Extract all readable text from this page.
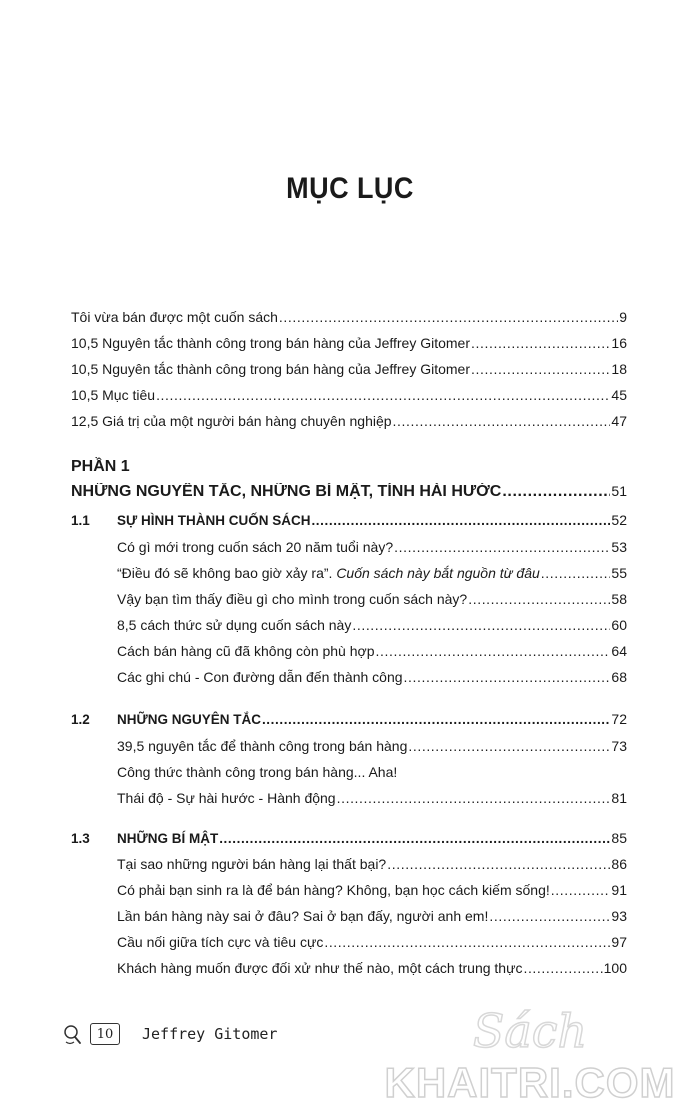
MỤC LỤC
Tôi vừa bán được một cuốn sách .....	9
10,5 Nguyên tắc thành công trong bán hàng của Jeffrey Gitomer .....	16
10,5 Nguyên tắc thành công trong bán hàng của Jeffrey Gitomer .....	18
10,5 Mục tiêu .....	45
12,5 Giá trị của một người bán hàng chuyên nghiệp .....	47
PHẦN 1
NHỮNG NGUYÊN TẮC, NHỮNG BÍ MẬT, TÍNH HÀI HƯỚC .....	51
1.1 SỰ HÌNH THÀNH CUỐN SÁCH .....	52
Có gì mới trong cuốn sách 20 năm tuổi này? .....	53
“Điều đó sẽ không bao giờ xảy ra”. Cuốn sách này bắt nguồn từ đâu .....	55
Vậy bạn tìm thấy điều gì cho mình trong cuốn sách này? .....	58
8,5 cách thức sử dụng cuốn sách này .....	60
Cách bán hàng cũ đã không còn phù hợp .....	64
Các ghi chú - Con đường dẫn đến thành công .....	68
1.2 NHỮNG NGUYÊN TẮC .....	72
39,5 nguyên tắc để thành công trong bán hàng .....	73
Công thức thành công trong bán hàng... Aha!
Thái độ - Sự hài hước - Hành động .....	81
1.3 NHỮNG BÍ MẬT .....	85
Tại sao những người bán hàng lại thất bại? .....	86
Có phải bạn sinh ra là để bán hàng? Không, bạn học cách kiếm sống! .....	91
Lần bán hàng này sai ở đâu? Sai ở bạn đấy, người anh em! .....	93
Cầu nối giữa tích cực và tiêu cực .....	97
Khách hàng muốn được đối xử như thế nào, một cách trung thực .....	100
10	Jeffrey Gitomer	Sách
KHAITRI.COM
